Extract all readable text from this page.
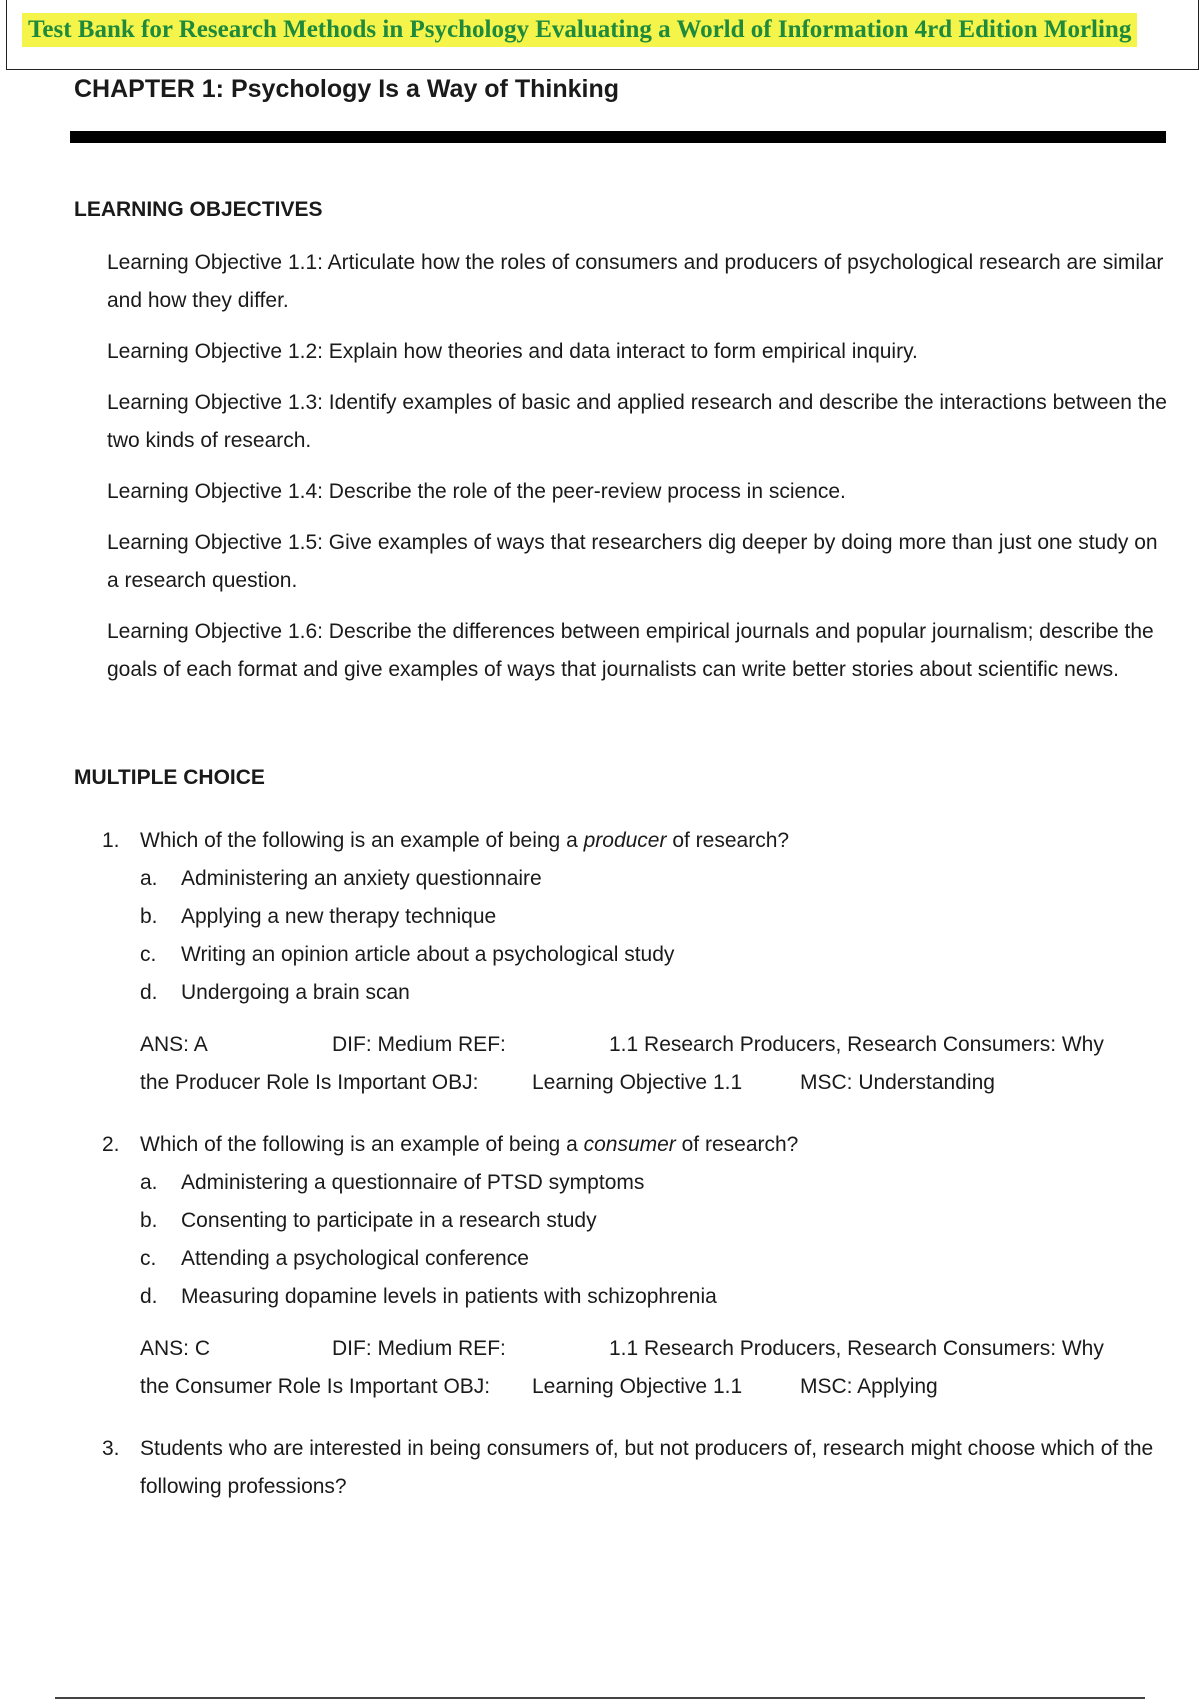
Test Bank for Research Methods in Psychology Evaluating a World of Information 4rd Edition Morling
CHAPTER 1: Psychology Is a Way of Thinking
LEARNING OBJECTIVES
Learning Objective 1.1: Articulate how the roles of consumers and producers of psychological research are similar and how they differ.
Learning Objective 1.2: Explain how theories and data interact to form empirical inquiry.
Learning Objective 1.3: Identify examples of basic and applied research and describe the interactions between the two kinds of research.
Learning Objective 1.4: Describe the role of the peer-review process in science.
Learning Objective 1.5: Give examples of ways that researchers dig deeper by doing more than just one study on a research question.
Learning Objective 1.6: Describe the differences between empirical journals and popular journalism; describe the goals of each format and give examples of ways that journalists can write better stories about scientific news.
MULTIPLE CHOICE
1. Which of the following is an example of being a producer of research?
a.	Administering an anxiety questionnaire
b.	Applying a new therapy technique
c.	Writing an opinion article about a psychological study
d.	Undergoing a brain scan
ANS: A	DIF: Medium REF:	1.1 Research Producers, Research Consumers: Why
the Producer Role Is Important OBJ:	Learning Objective 1.1	MSC: Understanding
2. Which of the following is an example of being a consumer of research?
a.	Administering a questionnaire of PTSD symptoms
b.	Consenting to participate in a research study
c.	Attending a psychological conference
d.	Measuring dopamine levels in patients with schizophrenia
ANS: C	DIF: Medium REF:	1.1 Research Producers, Research Consumers: Why
the Consumer Role Is Important OBJ:	Learning Objective 1.1	MSC: Applying
3. Students who are interested in being consumers of, but not producers of, research might choose which of the following professions?
